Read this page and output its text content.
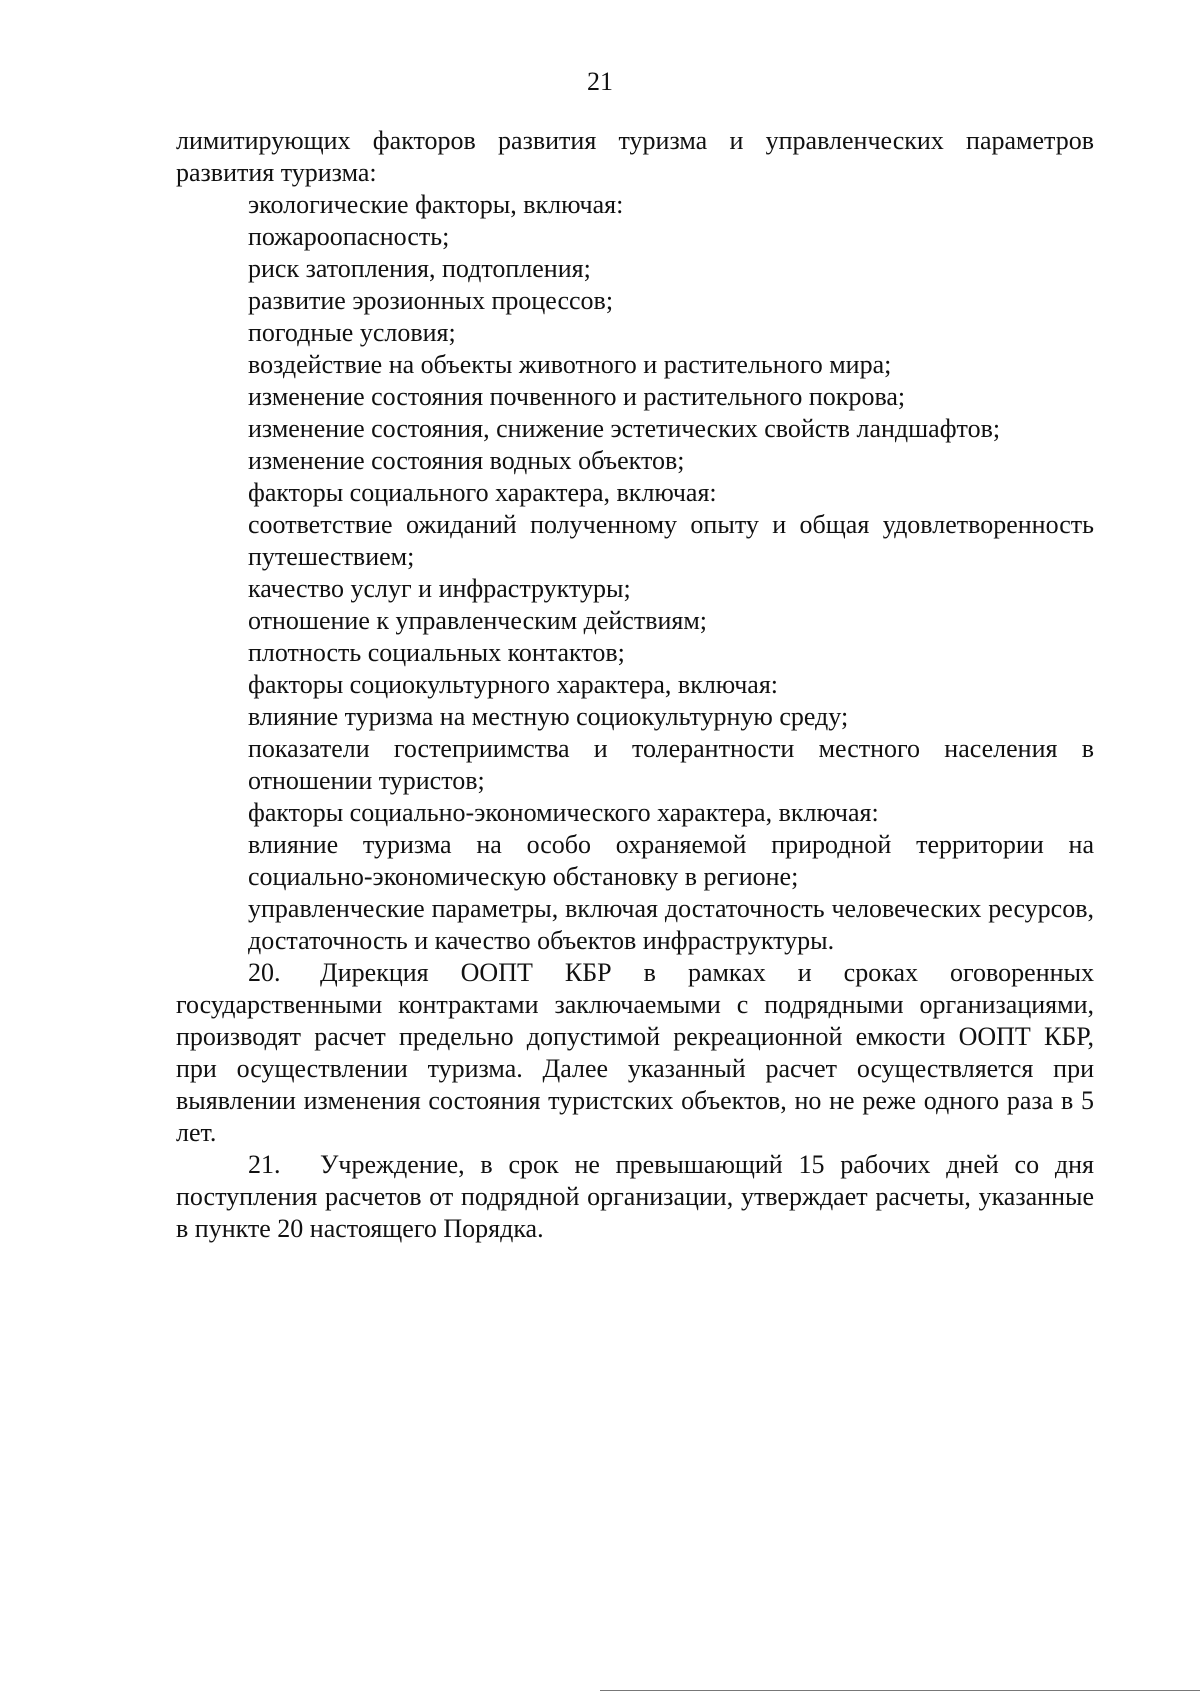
21

лимитирующих факторов развития туризма и управленческих параметров развития туризма:

экологические факторы, включая:
пожароопасность;
риск затопления, подтопления;
развитие эрозионных процессов;
погодные условия;
воздействие на объекты животного и растительного мира;
изменение состояния почвенного и растительного покрова;
изменение состояния, снижение эстетических свойств ландшафтов;
изменение состояния водных объектов;
факторы социального характера, включая:
соответствие ожиданий полученному опыту и общая удовлетворенность путешествием;
качество услуг и инфраструктуры;
отношение к управленческим действиям;
плотность социальных контактов;
факторы социокультурного характера, включая:
влияние туризма на местную социокультурную среду;
показатели гостеприимства и толерантности местного населения в отношении туристов;
факторы социально-экономического характера, включая:
влияние туризма на особо охраняемой природной территории на социально-экономическую обстановку в регионе;
управленческие параметры, включая достаточность человеческих ресурсов, достаточность и качество объектов инфраструктуры.

20. Дирекция ООПТ КБР в рамках и сроках оговоренных государственными контрактами заключаемыми с подрядными организациями, производят расчет предельно допустимой рекреационной емкости ООПТ КБР, при осуществлении туризма. Далее указанный расчет осуществляется при выявлении изменения состояния туристских объектов, но не реже одного раза в 5 лет.

21. Учреждение, в срок не превышающий 15 рабочих дней со дня поступления расчетов от подрядной организации, утверждает расчеты, указанные в пункте 20 настоящего Порядка.
